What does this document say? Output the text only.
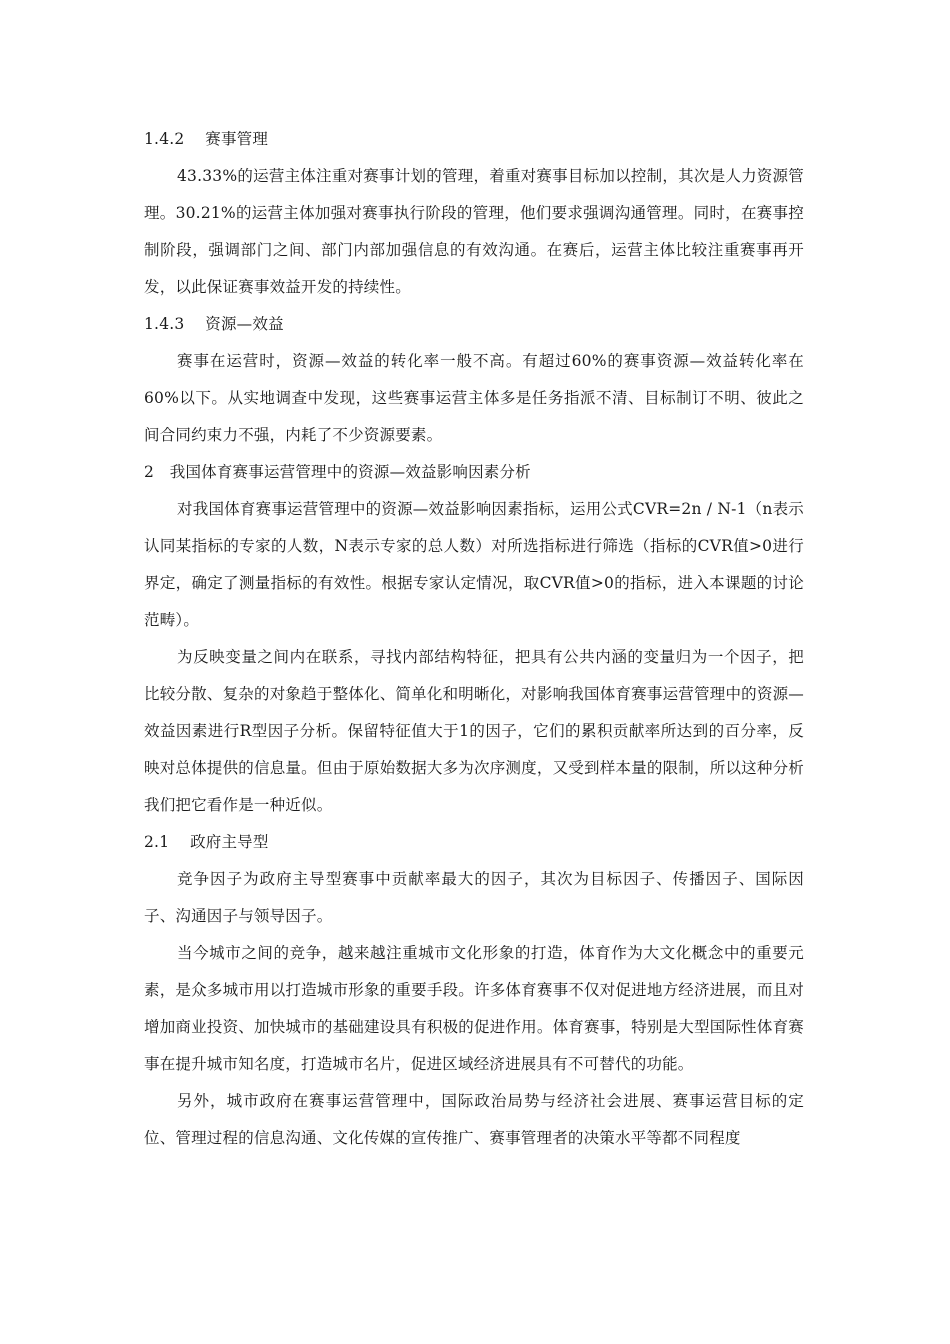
1.4.2　 赛事管理

43.33%的运营主体注重对赛事计划的管理，着重对赛事目标加以控制，其次是人力资源管理。30.21%的运营主体加强对赛事执行阶段的管理，他们要求强调沟通管理。同时，在赛事控制阶段，强调部门之间、部门内部加强信息的有效沟通。在赛后，运营主体比较注重赛事再开发，以此保证赛事效益开发的持续性。

1.4.3　 资源—效益

赛事在运营时，资源—效益的转化率一般不高。有超过60%的赛事资源—效益转化率在60%以下。从实地调查中发现，这些赛事运营主体多是任务指派不清、目标制订不明、彼此之间合同约束力不强，内耗了不少资源要素。

2　我国体育赛事运营管理中的资源—效益影响因素分析

对我国体育赛事运营管理中的资源—效益影响因素指标，运用公式CVR=2n / N-1（n表示认同某指标的专家的人数，N表示专家的总人数）对所选指标进行筛选（指标的CVR值>0进行界定，确定了测量指标的有效性。根据专家认定情况，取CVR值>0的指标，进入本课题的讨论范畴）。

为反映变量之间内在联系，寻找内部结构特征，把具有公共内涵的变量归为一个因子，把比较分散、复杂的对象趋于整体化、简单化和明晰化，对影响我国体育赛事运营管理中的资源—效益因素进行R型因子分析。保留特征值大于1的因子，它们的累积贡献率所达到的百分率，反映对总体提供的信息量。但由于原始数据大多为次序测度，又受到样本量的限制，所以这种分析我们把它看作是一种近似。

2.1　 政府主导型

竞争因子为政府主导型赛事中贡献率最大的因子，其次为目标因子、传播因子、国际因子、沟通因子与领导因子。

当今城市之间的竞争，越来越注重城市文化形象的打造，体育作为大文化概念中的重要元素，是众多城市用以打造城市形象的重要手段。许多体育赛事不仅对促进地方经济进展，而且对增加商业投资、加快城市的基础建设具有积极的促进作用。体育赛事，特别是大型国际性体育赛事在提升城市知名度，打造城市名片，促进区域经济进展具有不可替代的功能。

另外，城市政府在赛事运营管理中，国际政治局势与经济社会进展、赛事运营目标的定位、管理过程的信息沟通、文化传媒的宣传推广、赛事管理者的决策水平等都不同程度
